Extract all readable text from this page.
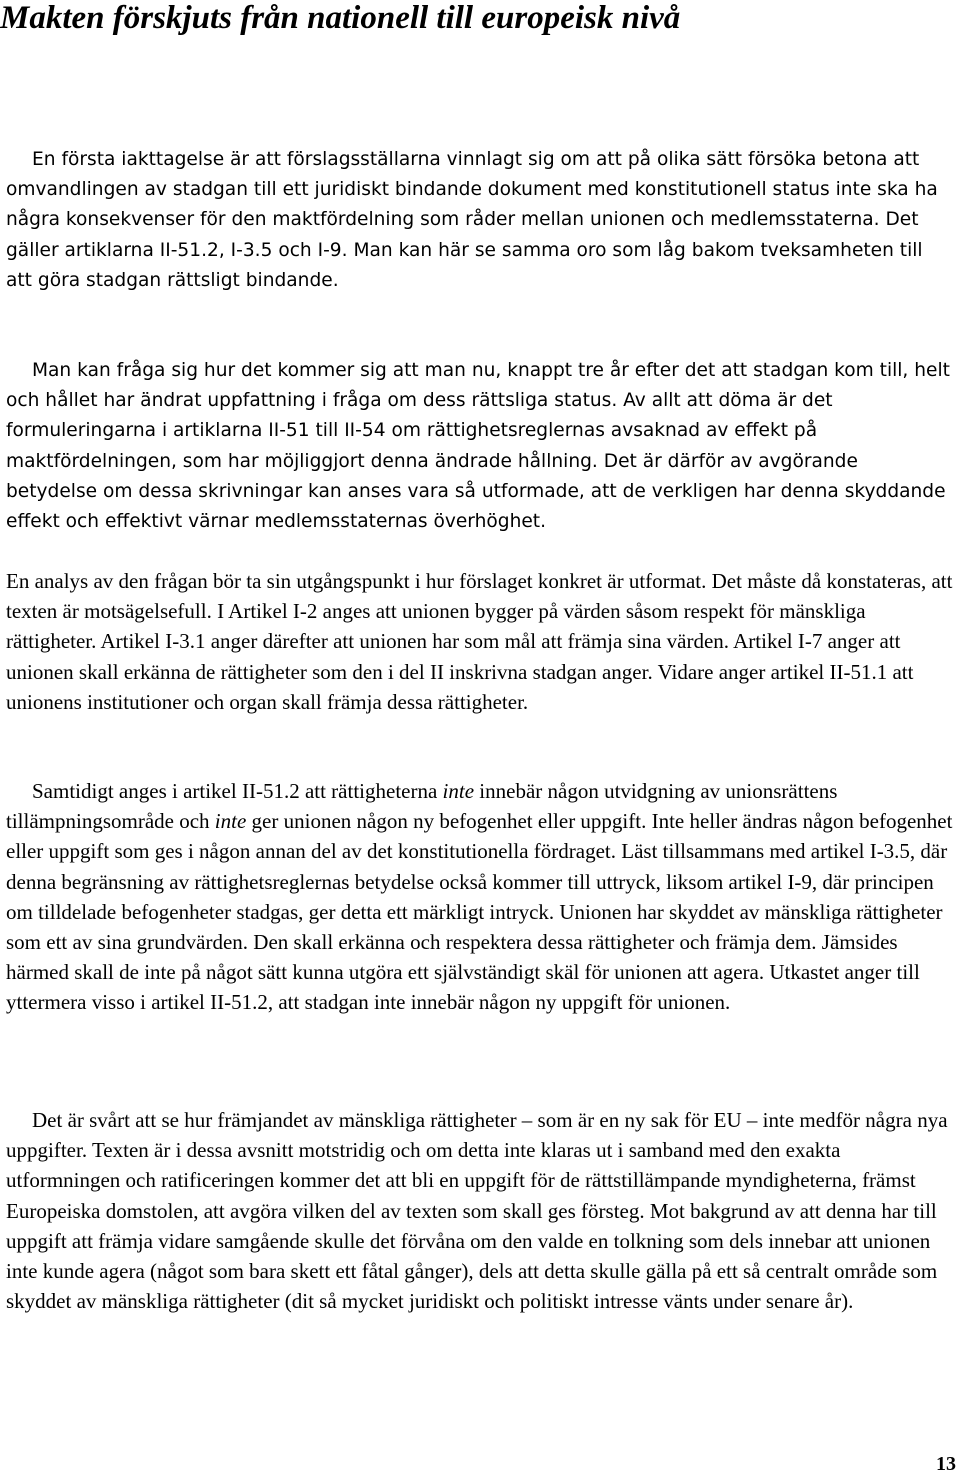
Makten förskjuts från nationell till europeisk nivå

En första iakttagelse är att förslagsställarna vinnlagt sig om att på olika sätt försöka betona att omvandlingen av stadgan till ett juridiskt bindande dokument med konstitutionell status inte ska ha några konsekvenser för den maktfördelning som råder mellan unionen och medlemsstaterna. Det gäller artiklarna II-51.2, I-3.5 och I-9. Man kan här se samma oro som låg bakom tveksamheten till att göra stadgan rättsligt bindande.

Man kan fråga sig hur det kommer sig att man nu, knappt tre år efter det att stadgan kom till, helt och hållet har ändrat uppfattning i fråga om dess rättsliga status. Av allt att döma är det formuleringarna i artiklarna II-51 till II-54 om rättighetsreglernas avsaknad av effekt på maktfördelningen, som har möjliggjort denna ändrade hållning. Det är därför av avgörande betydelse om dessa skrivningar kan anses vara så utformade, att de verkligen har denna skyddande effekt och effektivt värnar medlemsstaternas överhöghet.

En analys av den frågan bör ta sin utgångspunkt i hur förslaget konkret är utformat. Det måste då konstateras, att texten är motsägelsefull. I Artikel I-2 anges att unionen bygger på värden såsom respekt för mänskliga rättigheter. Artikel I-3.1 anger därefter att unionen har som mål att främja sina värden. Artikel I-7 anger att unionen skall erkänna de rättigheter som den i del II inskrivna stadgan anger. Vidare anger artikel II-51.1 att unionens institutioner och organ skall främja dessa rättigheter.

Samtidigt anges i artikel II-51.2 att rättigheterna inte innebär någon utvidgning av unionsrättens tillämpningsområde och inte ger unionen någon ny befogenhet eller uppgift. Inte heller ändras någon befogenhet eller uppgift som ges i någon annan del av det konstitutionella fördraget. Läst tillsammans med artikel I-3.5, där denna begränsning av rättighetsreglernas betydelse också kommer till uttryck, liksom artikel I-9, där principen om tilldelade befogenheter stadgas, ger detta ett märkligt intryck. Unionen har skyddet av mänskliga rättigheter som ett av sina grundvärden. Den skall erkänna och respektera dessa rättigheter och främja dem. Jämsides härmed skall de inte på något sätt kunna utgöra ett självständigt skäl för unionen att agera. Utkastet anger till yttermera visso i artikel II-51.2, att stadgan inte innebär någon ny uppgift för unionen.

Det är svårt att se hur främjandet av mänskliga rättigheter – som är en ny sak för EU – inte medför några nya uppgifter. Texten är i dessa avsnitt motstridig och om detta inte klaras ut i samband med den exakta utformningen och ratificeringen kommer det att bli en uppgift för de rättstillämpande myndigheterna, främst Europeiska domstolen, att avgöra vilken del av texten som skall ges försteg. Mot bakgrund av att denna har till uppgift att främja vidare samgående skulle det förvåna om den valde en tolkning som dels innebar att unionen inte kunde agera (något som bara skett ett fåtal gånger), dels att detta skulle gälla på ett så centralt område som skyddet av mänskliga rättigheter (dit så mycket juridiskt och politiskt intresse vänts under senare år).

13
